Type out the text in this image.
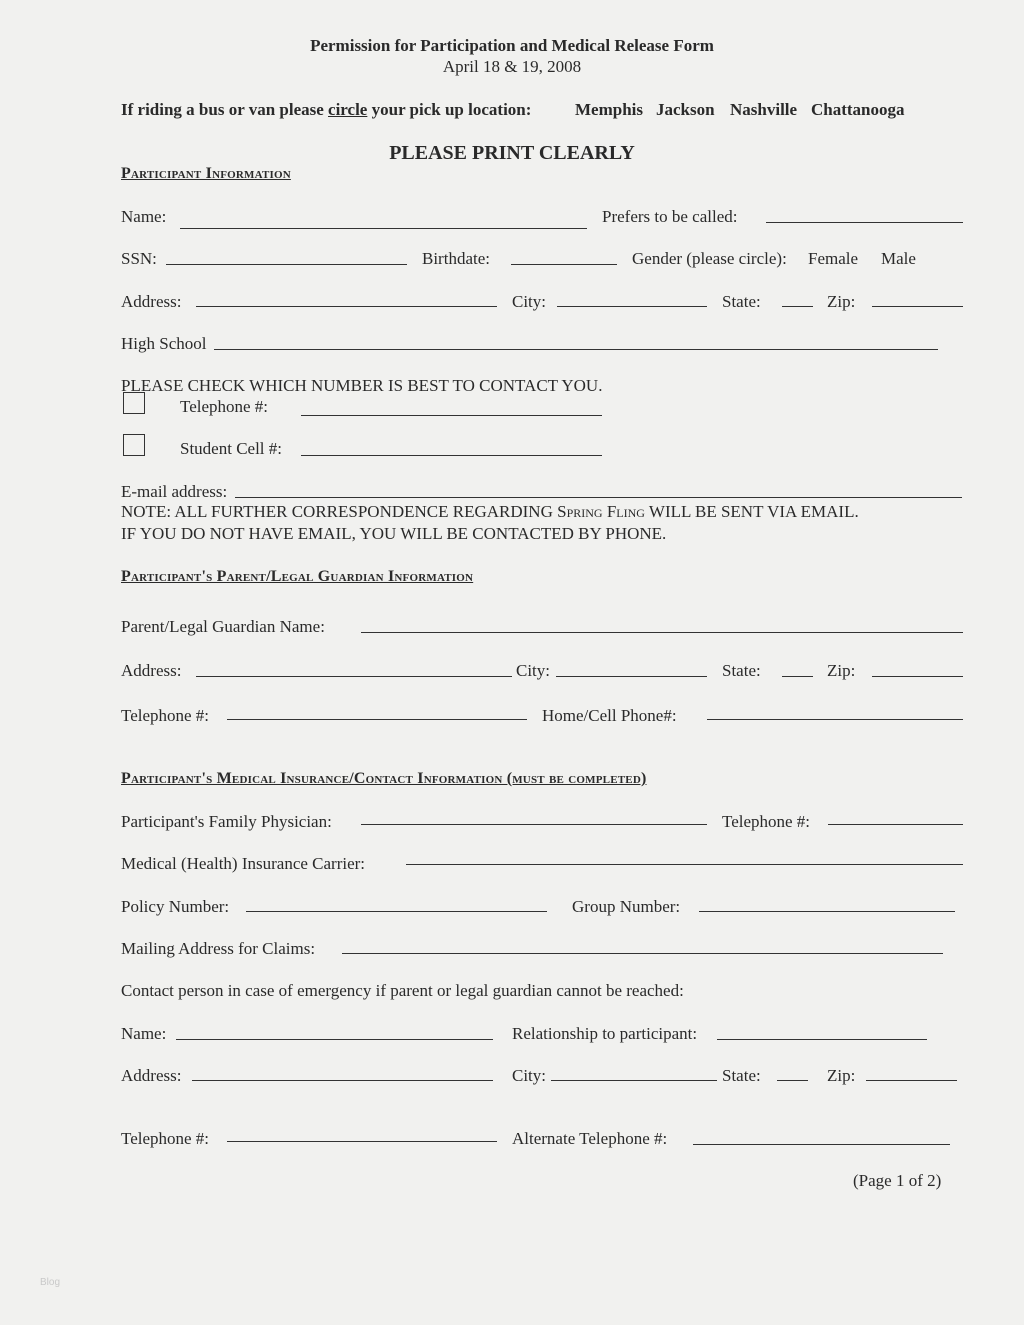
Permission for Participation and Medical Release Form
April 18 & 19, 2008
If riding a bus or van please circle your pick up location:	Memphis Jackson Nashville Chattanooga
PLEASE PRINT CLEARLY
Participant Information
Name:	Prefers to be called:
SSN:	Birthdate:	Gender (please circle): Female Male
Address:	City:	State:	Zip:
High School
PLEASE CHECK WHICH NUMBER IS BEST TO CONTACT YOU.
Telephone #:
Student Cell #:
E-mail address:
NOTE: ALL FURTHER CORRESPONDENCE REGARDING Spring Fling WILL BE SENT VIA EMAIL.
IF YOU DO NOT HAVE EMAIL, YOU WILL BE CONTACTED BY PHONE.
Participant's Parent/Legal Guardian Information
Parent/Legal Guardian Name:
Address:	City:	State:	Zip:
Telephone #:	Home/Cell Phone#:
Participant's Medical Insurance/Contact Information (must be completed)
Participant's Family Physician:	Telephone #:
Medical (Health) Insurance Carrier:
Policy Number:	Group Number:
Mailing Address for Claims:
Contact person in case of emergency if parent or legal guardian cannot be reached:
Name:	Relationship to participant:
Address:	City:	State:	Zip:
Telephone #:	Alternate Telephone #:
(Page 1 of 2)
Blog
